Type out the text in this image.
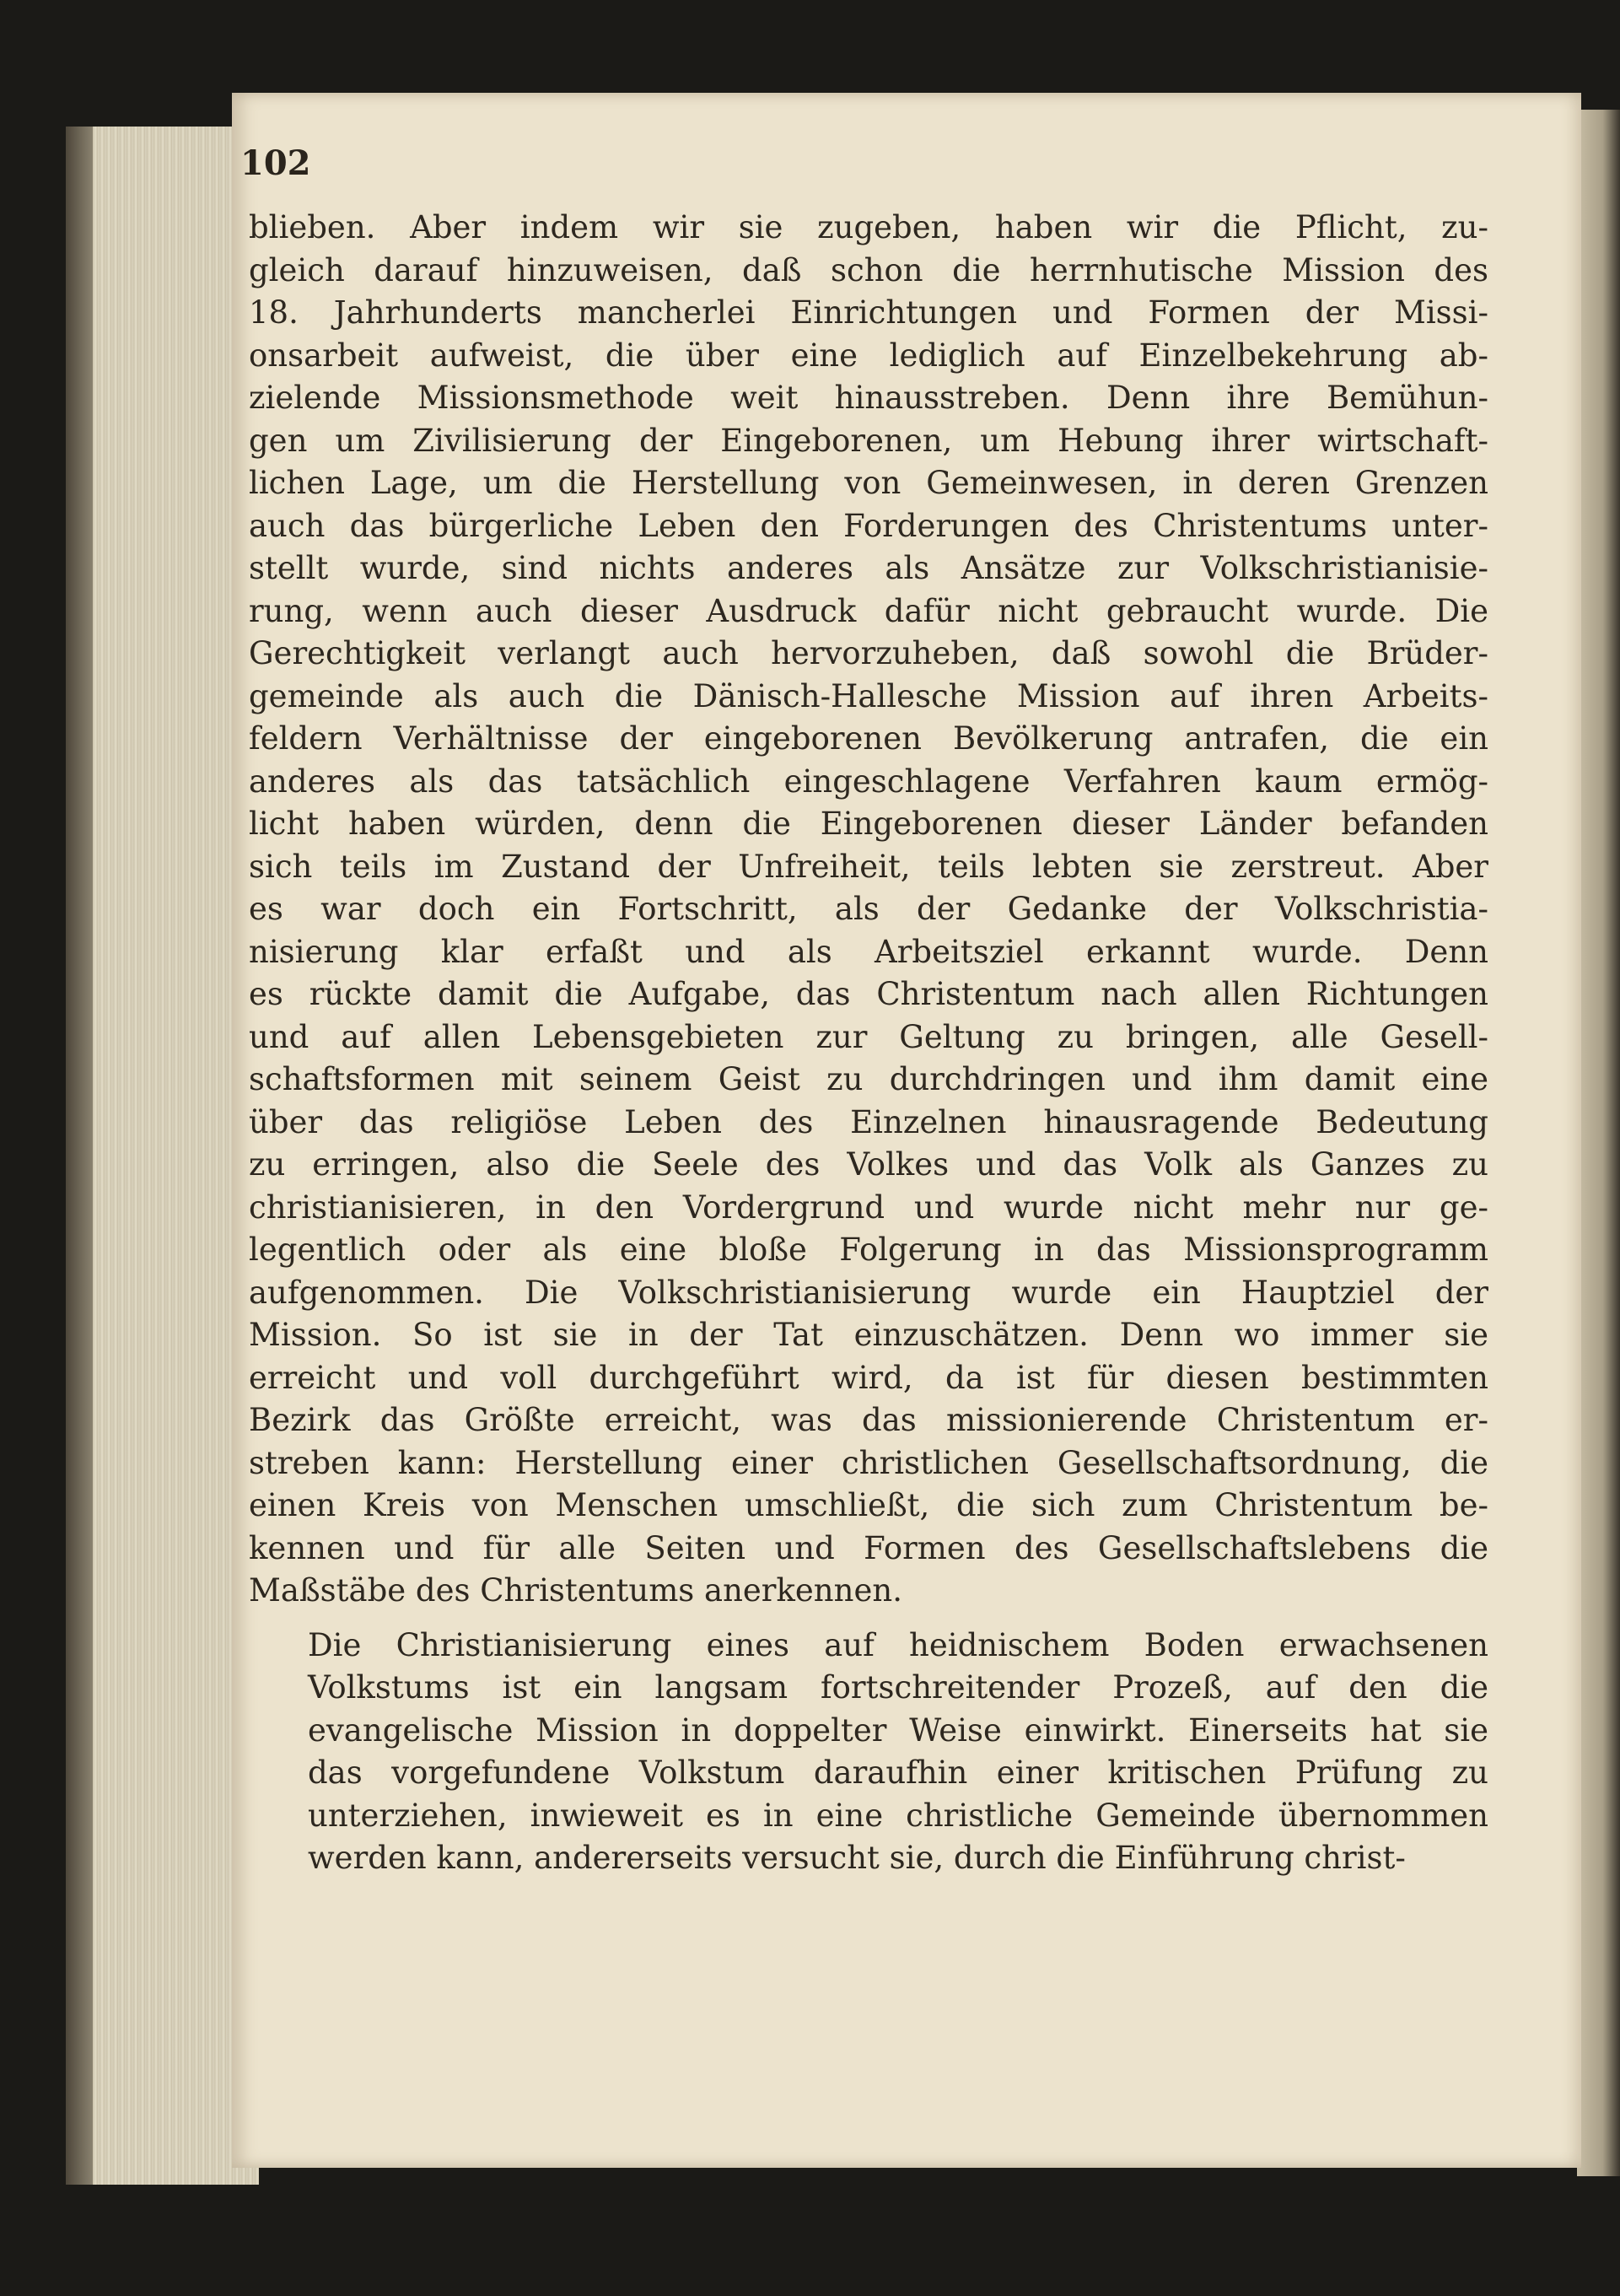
102

blieben. Aber indem wir sie zugeben, haben wir die Pflicht, zu-
gleich darauf hinzuweisen, daß schon die herrnhutische Mission des
18. Jahrhunderts mancherlei Einrichtungen und Formen der Missi-
onsarbeit aufweist, die über eine lediglich auf Einzelbekehrung ab-
zielende Missionsmethode weit hinausstreben. Denn ihre Bemühun-
gen um Zivilisierung der Eingeborenen, um Hebung ihrer wirtschaft-
lichen Lage, um die Herstellung von Gemeinwesen, in deren Grenzen
auch das bürgerliche Leben den Forderungen des Christentums unter-
stellt wurde, sind nichts anderes als Ansätze zur Volkschristianisie-
rung, wenn auch dieser Ausdruck dafür nicht gebraucht wurde. Die
Gerechtigkeit verlangt auch hervorzuheben, daß sowohl die Brüder-
gemeinde als auch die Dänisch-Hallesche Mission auf ihren Arbeits-
feldern Verhältnisse der eingeborenen Bevölkerung antrafen, die ein
anderes als das tatsächlich eingeschlagene Verfahren kaum ermög-
licht haben würden, denn die Eingeborenen dieser Länder befanden
sich teils im Zustand der Unfreiheit, teils lebten sie zerstreut. Aber
es war doch ein Fortschritt, als der Gedanke der Volkschristia-
nisierung klar erfaßt und als Arbeitsziel erkannt wurde. Denn
es rückte damit die Aufgabe, das Christentum nach allen Richtungen
und auf allen Lebensgebieten zur Geltung zu bringen, alle Gesell-
schaftsformen mit seinem Geist zu durchdringen und ihm damit eine
über das religiöse Leben des Einzelnen hinausragende Bedeutung
zu erringen, also die Seele des Volkes und das Volk als Ganzes zu
christianisieren, in den Vordergrund und wurde nicht mehr nur ge-
legentlich oder als eine bloße Folgerung in das Missionsprogramm
aufgenommen. Die Volkschristianisierung wurde ein Hauptziel der
Mission. So ist sie in der Tat einzuschätzen. Denn wo immer sie
erreicht und voll durchgeführt wird, da ist für diesen bestimmten
Bezirk das Größte erreicht, was das missionierende Christentum er-
streben kann: Herstellung einer christlichen Gesellschaftsordnung, die
einen Kreis von Menschen umschließt, die sich zum Christentum be-
kennen und für alle Seiten und Formen des Gesellschaftslebens die
Maßstäbe des Christentums anerkennen.

Die Christianisierung eines auf heidnischem Boden erwachsenen
Volkstums ist ein langsam fortschreitender Prozeß, auf den die
evangelische Mission in doppelter Weise einwirkt. Einerseits hat sie
das vorgefundene Volkstum daraufhin einer kritischen Prüfung zu
unterziehen, inwieweit es in eine christliche Gemeinde übernommen
werden kann, andererseits versucht sie, durch die Einführung christ-
